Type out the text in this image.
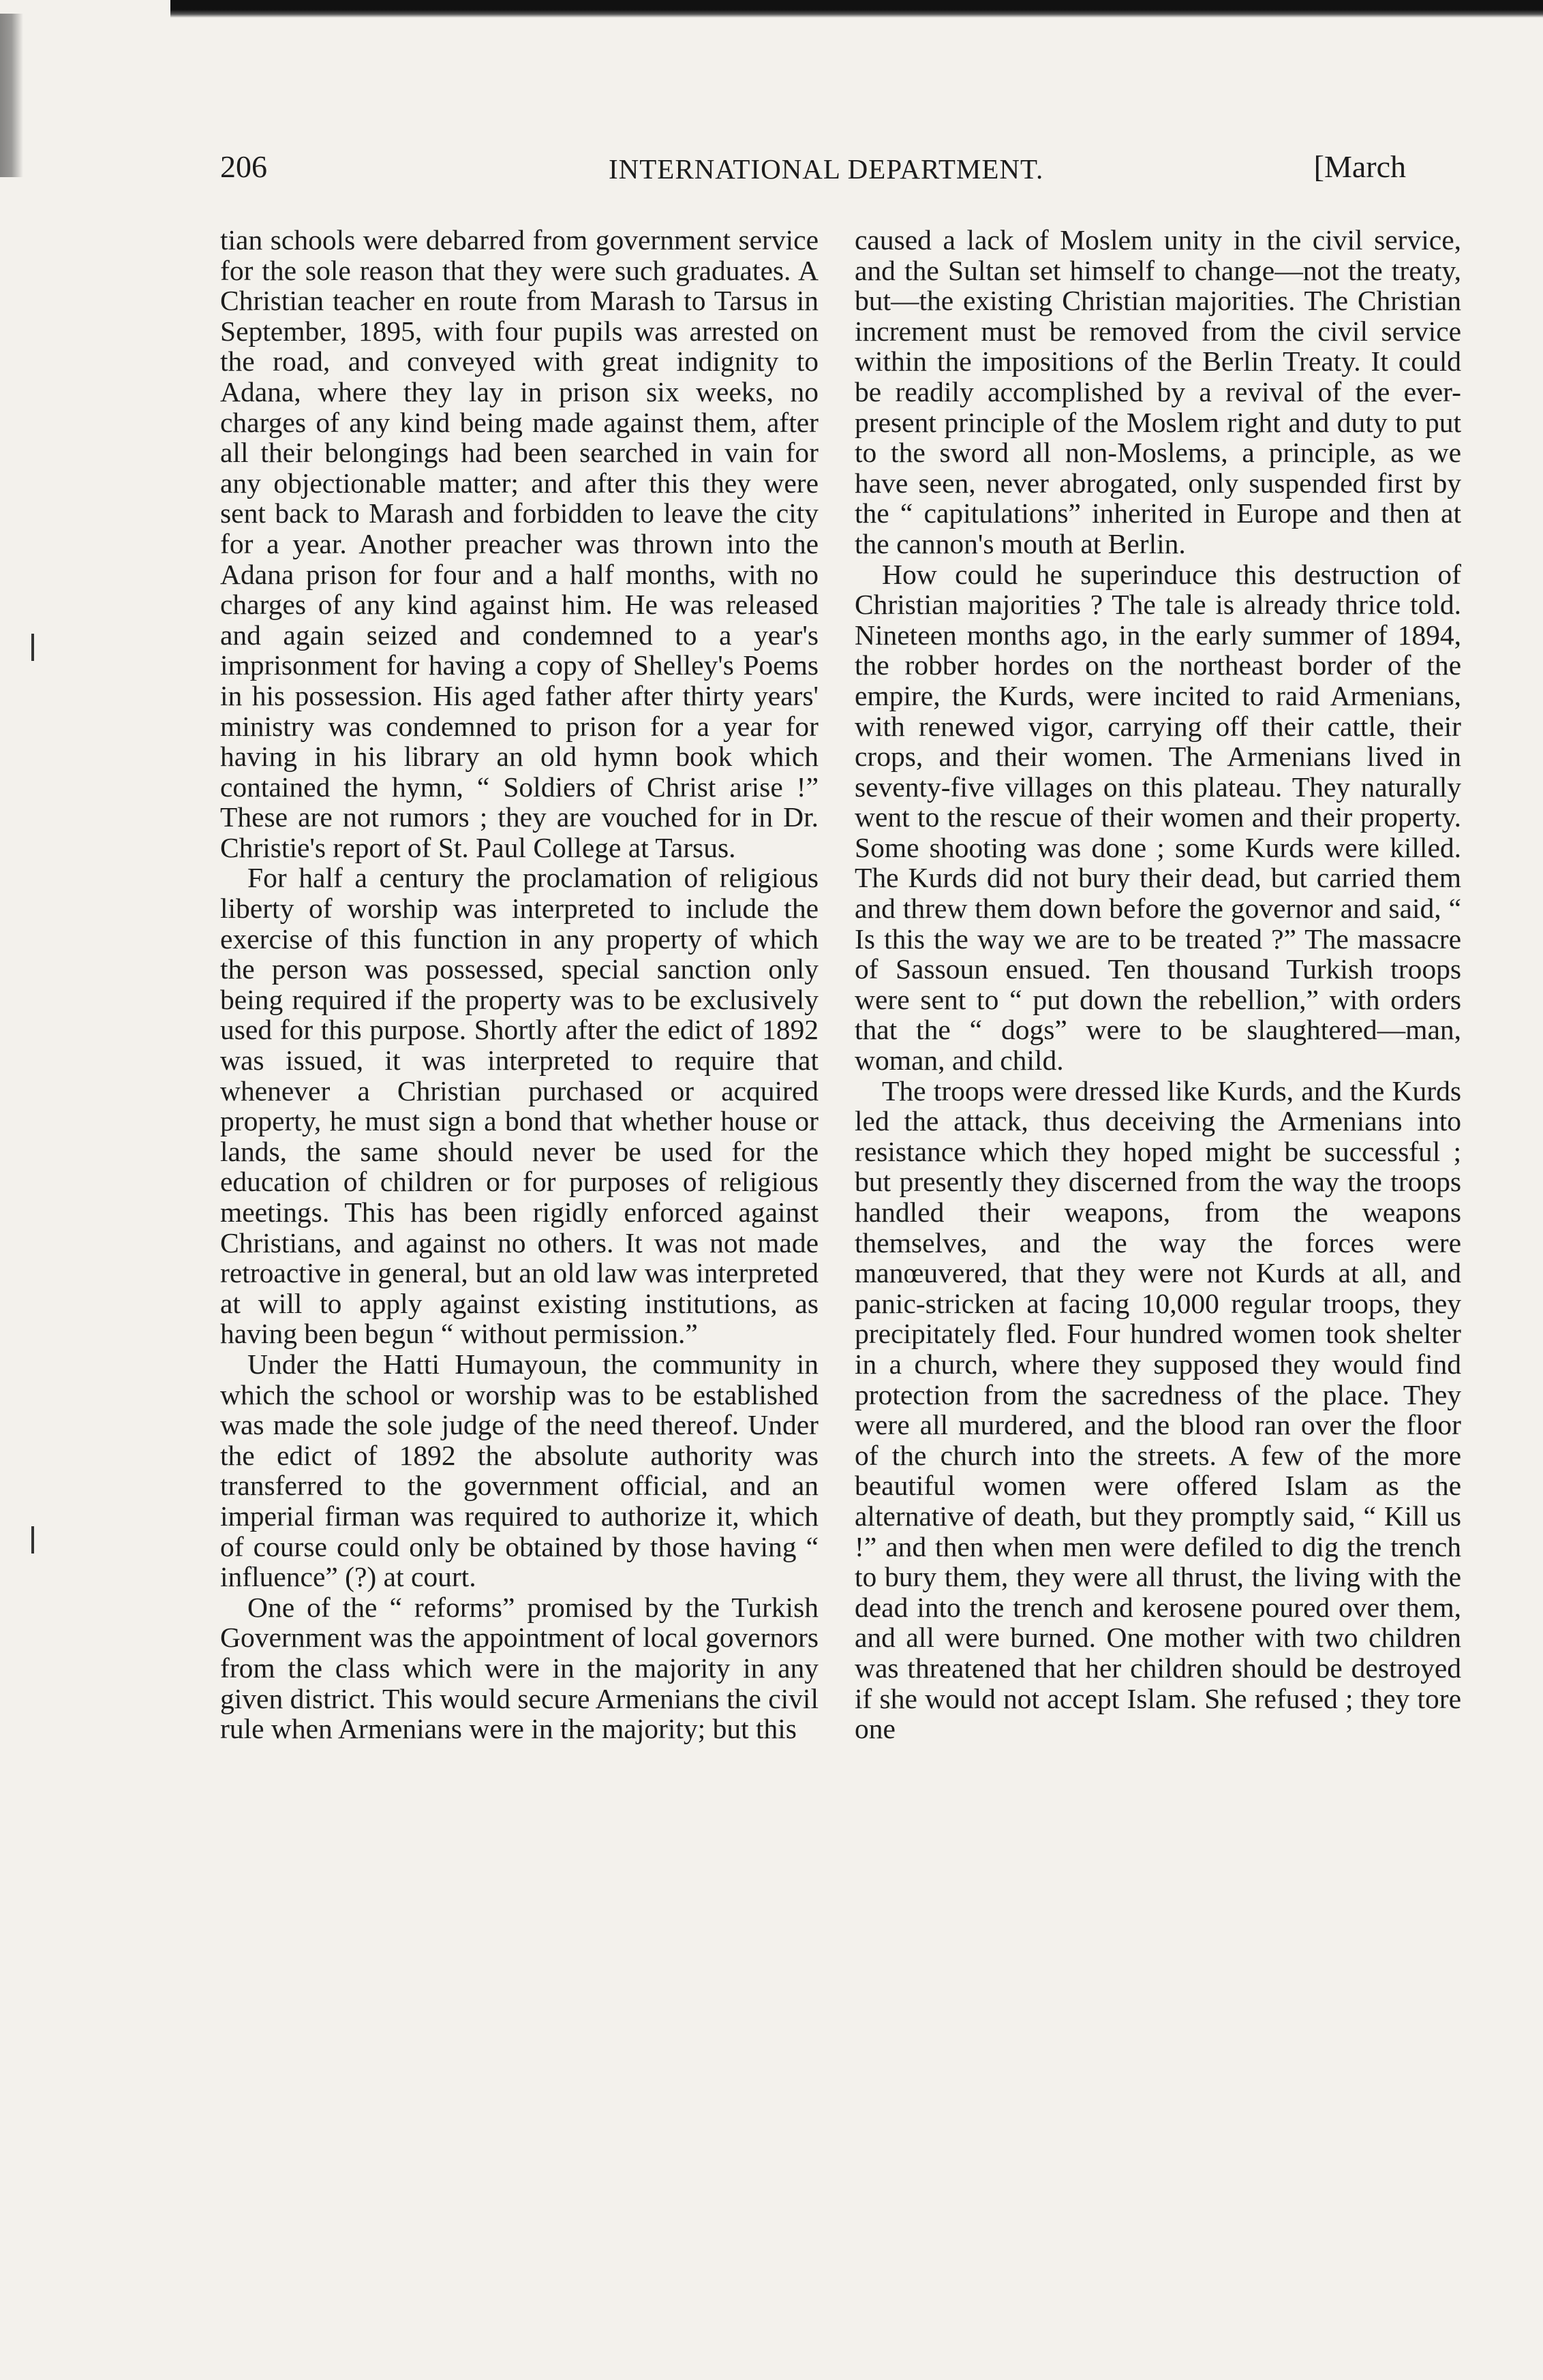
206	INTERNATIONAL DEPARTMENT.	[March

tian schools were debarred from government service for the sole reason that they were such graduates. A Christian teacher en route from Marash to Tarsus in September, 1895, with four pupils was arrested on the road, and conveyed with great indignity to Adana, where they lay in prison six weeks, no charges of any kind being made against them, after all their belongings had been searched in vain for any objectionable matter; and after this they were sent back to Marash and forbidden to leave the city for a year. Another preacher was thrown into the Adana prison for four and a half months, with no charges of any kind against him. He was released and again seized and condemned to a year's imprisonment for having a copy of Shelley's Poems in his possession. His aged father after thirty years' ministry was condemned to prison for a year for having in his library an old hymn book which contained the hymn, “ Soldiers of Christ arise !” These are not rumors ; they are vouched for in Dr. Christie's report of St. Paul College at Tarsus.

For half a century the proclamation of religious liberty of worship was interpreted to include the exercise of this function in any property of which the person was possessed, special sanction only being required if the property was to be exclusively used for this purpose. Shortly after the edict of 1892 was issued, it was interpreted to require that whenever a Christian purchased or acquired property, he must sign a bond that whether house or lands, the same should never be used for the education of children or for purposes of religious meetings. This has been rigidly enforced against Christians, and against no others. It was not made retroactive in general, but an old law was interpreted at will to apply against existing institutions, as having been begun “ without permission.”

Under the Hatti Humayoun, the community in which the school or worship was to be established was made the sole judge of the need thereof. Under the edict of 1892 the absolute authority was transferred to the government official, and an imperial firman was required to authorize it, which of course could only be obtained by those having “ influence” (?) at court.

One of the “ reforms” promised by the Turkish Government was the appointment of local governors from the class which were in the majority in any given district. This would secure Armenians the civil rule when Armenians were in the majority; but this

caused a lack of Moslem unity in the civil service, and the Sultan set himself to change—not the treaty, but—the existing Christian majorities. The Christian increment must be removed from the civil service within the impositions of the Berlin Treaty. It could be readily accomplished by a revival of the ever-present principle of the Moslem right and duty to put to the sword all non-Moslems, a principle, as we have seen, never abrogated, only suspended first by the “ capitulations” inherited in Europe and then at the cannon's mouth at Berlin.

How could he superinduce this destruction of Christian majorities ? The tale is already thrice told. Nineteen months ago, in the early summer of 1894, the robber hordes on the northeast border of the empire, the Kurds, were incited to raid Armenians, with renewed vigor, carrying off their cattle, their crops, and their women. The Armenians lived in seventy-five villages on this plateau. They naturally went to the rescue of their women and their property. Some shooting was done ; some Kurds were killed. The Kurds did not bury their dead, but carried them and threw them down before the governor and said, “ Is this the way we are to be treated ?” The massacre of Sassoun ensued. Ten thousand Turkish troops were sent to “ put down the rebellion,” with orders that the “ dogs” were to be slaughtered—man, woman, and child.

The troops were dressed like Kurds, and the Kurds led the attack, thus deceiving the Armenians into resistance which they hoped might be successful ; but presently they discerned from the way the troops handled their weapons, from the weapons themselves, and the way the forces were manœuvered, that they were not Kurds at all, and panic-stricken at facing 10,000 regular troops, they precipitately fled. Four hundred women took shelter in a church, where they supposed they would find protection from the sacredness of the place. They were all murdered, and the blood ran over the floor of the church into the streets. A few of the more beautiful women were offered Islam as the alternative of death, but they promptly said, “ Kill us !” and then when men were defiled to dig the trench to bury them, they were all thrust, the living with the dead into the trench and kerosene poured over them, and all were burned. One mother with two children was threatened that her children should be destroyed if she would not accept Islam. She refused ; they tore one
